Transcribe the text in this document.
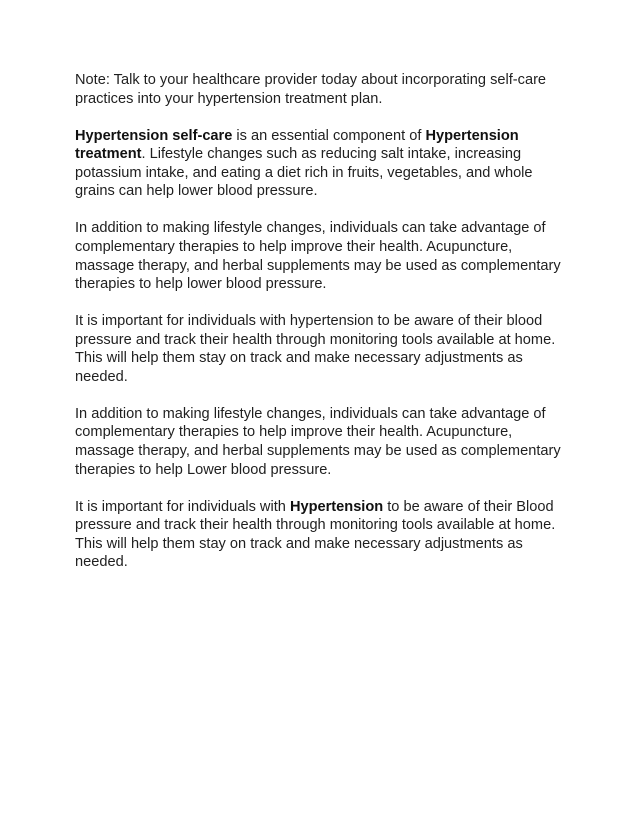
Note: Talk to your healthcare provider today about incorporating self-care practices into your hypertension treatment plan.

Hypertension self-care is an essential component of Hypertension treatment. Lifestyle changes such as reducing salt intake, increasing potassium intake, and eating a diet rich in fruits, vegetables, and whole grains can help lower blood pressure.

In addition to making lifestyle changes, individuals can take advantage of complementary therapies to help improve their health. Acupuncture, massage therapy, and herbal supplements may be used as complementary therapies to help lower blood pressure.

It is important for individuals with hypertension to be aware of their blood pressure and track their health through monitoring tools available at home. This will help them stay on track and make necessary adjustments as needed.

In addition to making lifestyle changes, individuals can take advantage of complementary therapies to help improve their health. Acupuncture, massage therapy, and herbal supplements may be used as complementary therapies to help Lower blood pressure.

It is important for individuals with Hypertension to be aware of their Blood pressure and track their health through monitoring tools available at home. This will help them stay on track and make necessary adjustments as needed.
